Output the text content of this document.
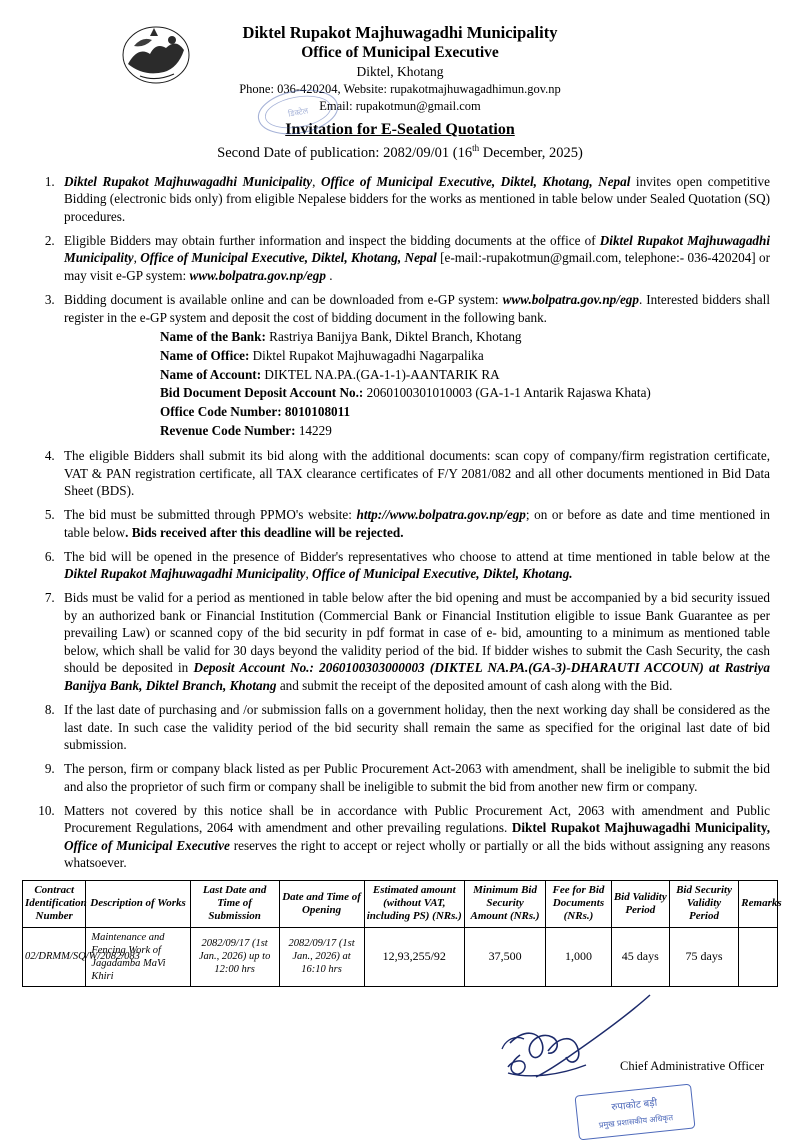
Diktel Rupakot Majhuwagadhi Municipality
Office of Municipal Executive
Diktel, Khotang
Phone: 036-420204, Website: rupakotmajhuwagadhimun.gov.np
Email: rupakotmun@gmail.com
Invitation for E-Sealed Quotation
Second Date of publication: 2082/09/01 (16th December, 2025)
डिक्टेल
1. Diktel Rupakot Majhuwagadhi Municipality, Office of Municipal Executive, Diktel, Khotang, Nepal invites open competitive Bidding (electronic bids only) from eligible Nepalese bidders for the works as mentioned in table below under Sealed Quotation (SQ) procedures.
2. Eligible Bidders may obtain further information and inspect the bidding documents at the office of Diktel Rupakot Majhuwagadhi Municipality, Office of Municipal Executive, Diktel, Khotang, Nepal [e-mail:-rupakotmun@gmail.com, telephone:- 036-420204] or may visit e-GP system: www.bolpatra.gov.np/egp .
3. Bidding document is available online and can be downloaded from e-GP system: www.bolpatra.gov.np/egp. Interested bidders shall register in the e-GP system and deposit the cost of bidding document in the following bank.
Name of the Bank: Rastriya Banijya Bank, Diktel Branch, Khotang
Name of Office: Diktel Rupakot Majhuwagadhi Nagarpalika
Name of Account: DIKTEL NA.PA.(GA-1-1)-AANTARIK RA
Bid Document Deposit Account No.: 2060100301010003 (GA-1-1 Antarik Rajaswa Khata)
Office Code Number: 8010108011
Revenue Code Number: 14229
4. The eligible Bidders shall submit its bid along with the additional documents: scan copy of company/firm registration certificate, VAT & PAN registration certificate, all TAX clearance certificates of F/Y 2081/082 and all other documents mentioned in Bid Data Sheet (BDS).
5. The bid must be submitted through PPMO's website: http://www.bolpatra.gov.np/egp; on or before as date and time mentioned in table below. Bids received after this deadline will be rejected.
6. The bid will be opened in the presence of Bidder's representatives who choose to attend at time mentioned in table below at the Diktel Rupakot Majhuwagadhi Municipality, Office of Municipal Executive, Diktel, Khotang.
7. Bids must be valid for a period as mentioned in table below after the bid opening and must be accompanied by a bid security issued by an authorized bank or Financial Institution (Commercial Bank or Financial Institution eligible to issue Bank Guarantee as per prevailing Law) or scanned copy of the bid security in pdf format in case of e- bid, amounting to a minimum as mentioned table below, which shall be valid for 30 days beyond the validity period of the bid. If bidder wishes to submit the Cash Security, the cash should be deposited in Deposit Account No.: 2060100303000003 (DIKTEL NA.PA.(GA-3)-DHARAUTI ACCOUN) at Rastriya Banijya Bank, Diktel Branch, Khotang and submit the receipt of the deposited amount of cash along with the Bid.
8. If the last date of purchasing and /or submission falls on a government holiday, then the next working day shall be considered as the last date. In such case the validity period of the bid security shall remain the same as specified for the original last date of bid submission.
9. The person, firm or company black listed as per Public Procurement Act-2063 with amendment, shall be ineligible to submit the bid and also the proprietor of such firm or company shall be ineligible to submit the bid from another new firm or company.
10. Matters not covered by this notice shall be in accordance with Public Procurement Act, 2063 with amendment and Public Procurement Regulations, 2064 with amendment and other prevailing regulations. Diktel Rupakot Majhuwagadhi Municipality, Office of Municipal Executive reserves the right to accept or reject wholly or partially or all the bids without assigning any reasons whatsoever.
Contract Identification Number	Description of Works	Last Date and Time of Submission	Date and Time of Opening	Estimated amount (without VAT, including PS) (NRs.)	Minimum Bid Security Amount (NRs.)	Fee for Bid Documents (NRs.)	Bid Validity Period	Bid Security Validity Period	Remarks
02/DRMM/SQ/W/2082/083	Maintenance and Fencing Work of Jagadamba MaVi Khiri	2082/09/17 (1st Jan., 2026) up to 12:00 hrs	2082/09/17 (1st Jan., 2026) at 16:10 hrs	12,93,255/92	37,500	1,000	45 days	75 days	
Chief Administrative Officer
रुपाकोट बड़ी
प्रमुख प्रशासकीय अधिकृत
